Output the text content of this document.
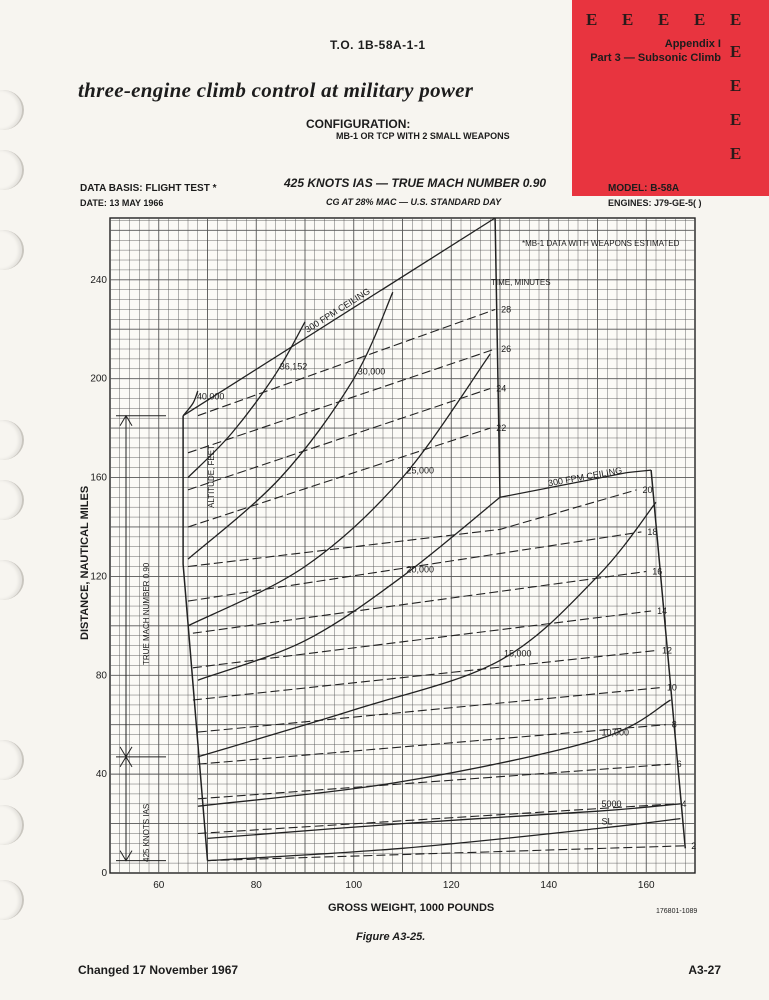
E E E E E
E
E
E
E
T.O. 1B-58A-1-1	Appendix I
Part 3 — Subsonic Climb
three-engine climb control at military power
CONFIGURATION:
MB-1 OR TCP WITH 2 SMALL WEAPONS
DATA BASIS: FLIGHT TEST *
DATE: 13 MAY 1966
MODEL: B-58A
ENGINES: J79-GE-5( )
425 KNOTS IAS — TRUE MACH NUMBER 0.90
CG AT 28% MAC — U.S. STANDARD DAY
60	80	100	120	140	160
0
40
80
120
160
200
240
2
4
6
8
10
12
14
16
18
20
22
24
26
28
SL
5000
10,000
15,000
20,000
25,000
30,000
36,152
40,000
300 FPM CEILING
300 FPM CEILING
DISTANCE, NAUTICAL MILES
GROSS WEIGHT, 1000 POUNDS
*MB-1 DATA WITH WEAPONS ESTIMATED
TIME, MINUTES
ALTITUDE, FEET
TRUE MACH NUMBER 0.90
425 KNOTS IAS
176801-1089
Figure A3-25.
Changed 17 November 1967	A3-27
